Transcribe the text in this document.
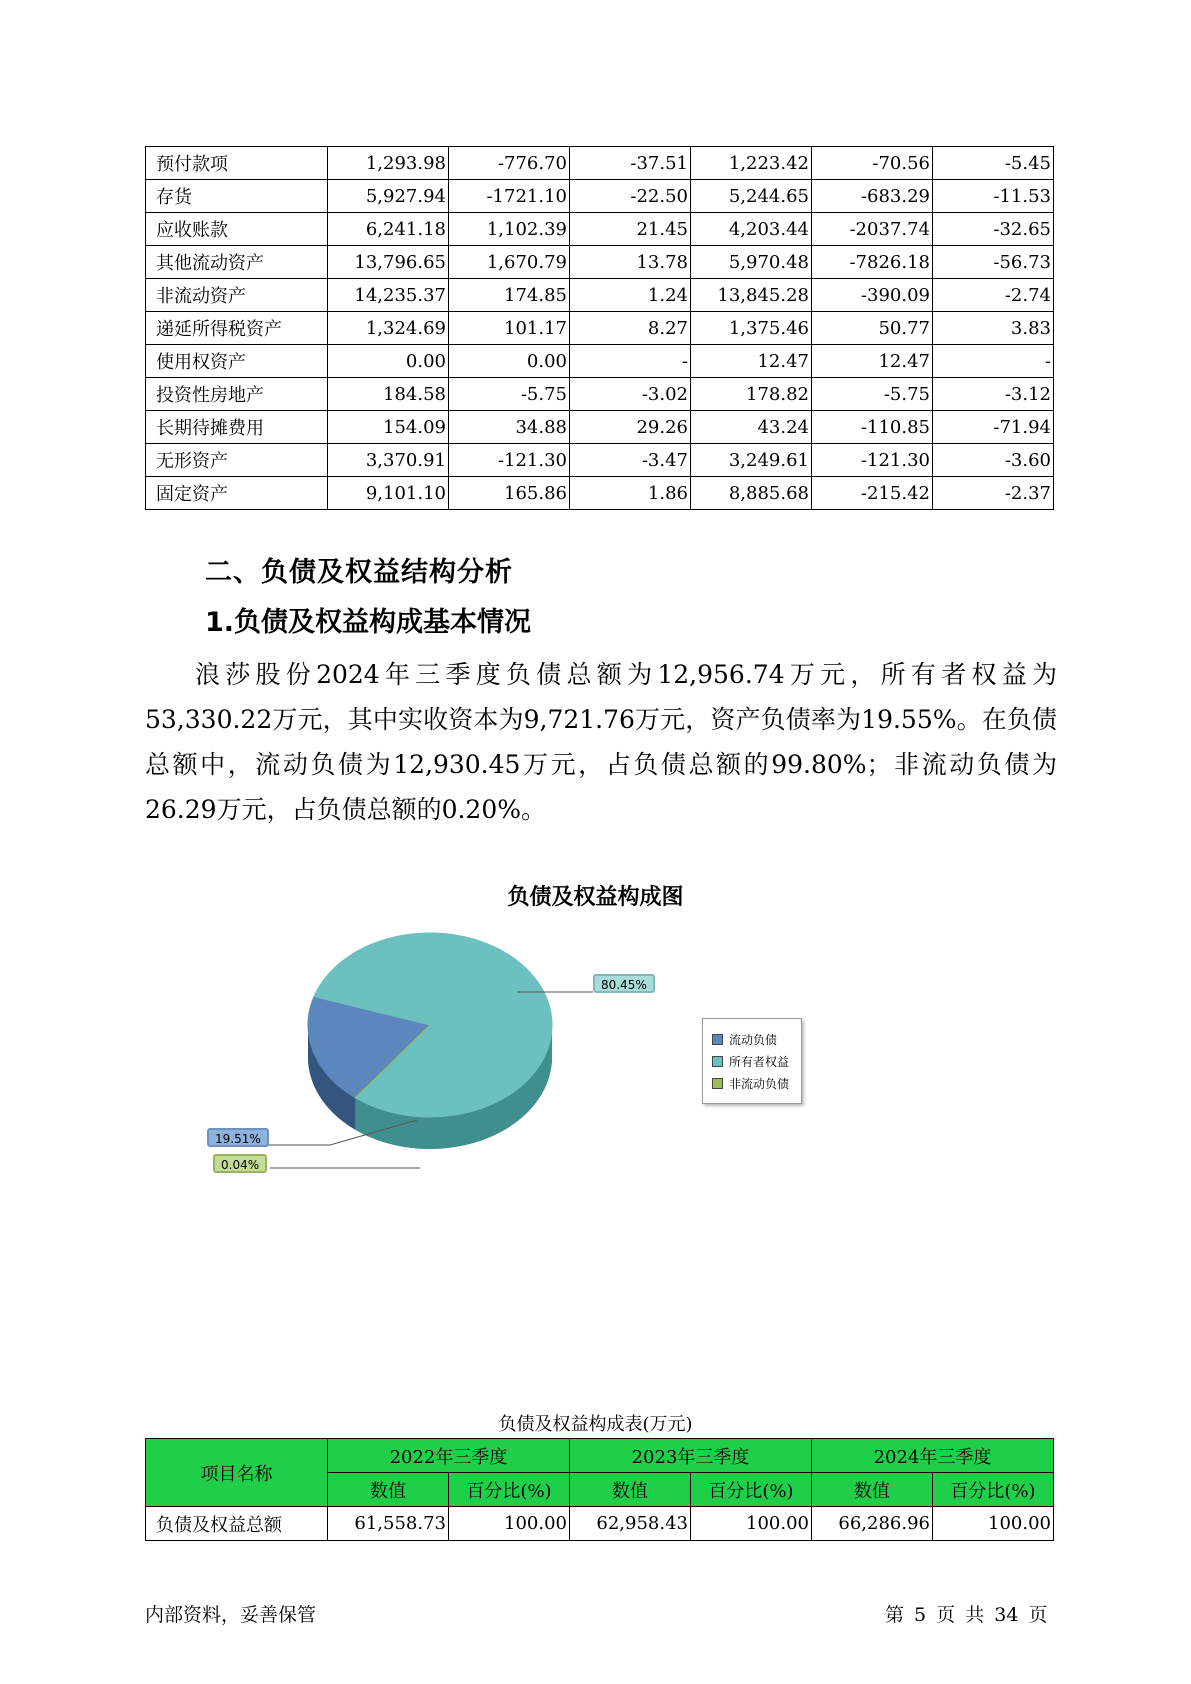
预付款项	1,293.98	-776.70	-37.51	1,223.42	-70.56	-5.45
存货	5,927.94	-1721.10	-22.50	5,244.65	-683.29	-11.53
应收账款	6,241.18	1,102.39	21.45	4,203.44	-2037.74	-32.65
其他流动资产	13,796.65	1,670.79	13.78	5,970.48	-7826.18	-56.73
非流动资产	14,235.37	174.85	1.24	13,845.28	-390.09	-2.74
递延所得税资产	1,324.69	101.17	8.27	1,375.46	50.77	3.83
使用权资产	0.00	0.00	-	12.47	12.47	-
投资性房地产	184.58	-5.75	-3.02	178.82	-5.75	-3.12
长期待摊费用	154.09	34.88	29.26	43.24	-110.85	-71.94
无形资产	3,370.91	-121.30	-3.47	3,249.61	-121.30	-3.60
固定资产	9,101.10	165.86	1.86	8,885.68	-215.42	-2.37
二、负债及权益结构分析
1.负债及权益构成基本情况

浪莎股份2024年三季度负债总额为12,956.74万元，所有者权益为53,330.22万元，其中实收资本为9,721.76万元，资产负债率为19.55%。在负债总额中，流动负债为12,930.45万元，占负债总额的99.80%；非流动负债为26.29万元，占负债总额的0.20%。

负债及权益构成图
流动负债
所有者权益
非流动负债
80.45%
19.51%
0.04%
负债及权益构成表(万元)
项目名称	2022年三季度		2023年三季度		2024年三季度	
	数值	百分比(%)	数值	百分比(%)	数值	百分比(%)
负债及权益总额	61,558.73	100.00	62,958.43	100.00	66,286.96	100.00
内部资料，妥善保管	第 5 页 共 34 页
